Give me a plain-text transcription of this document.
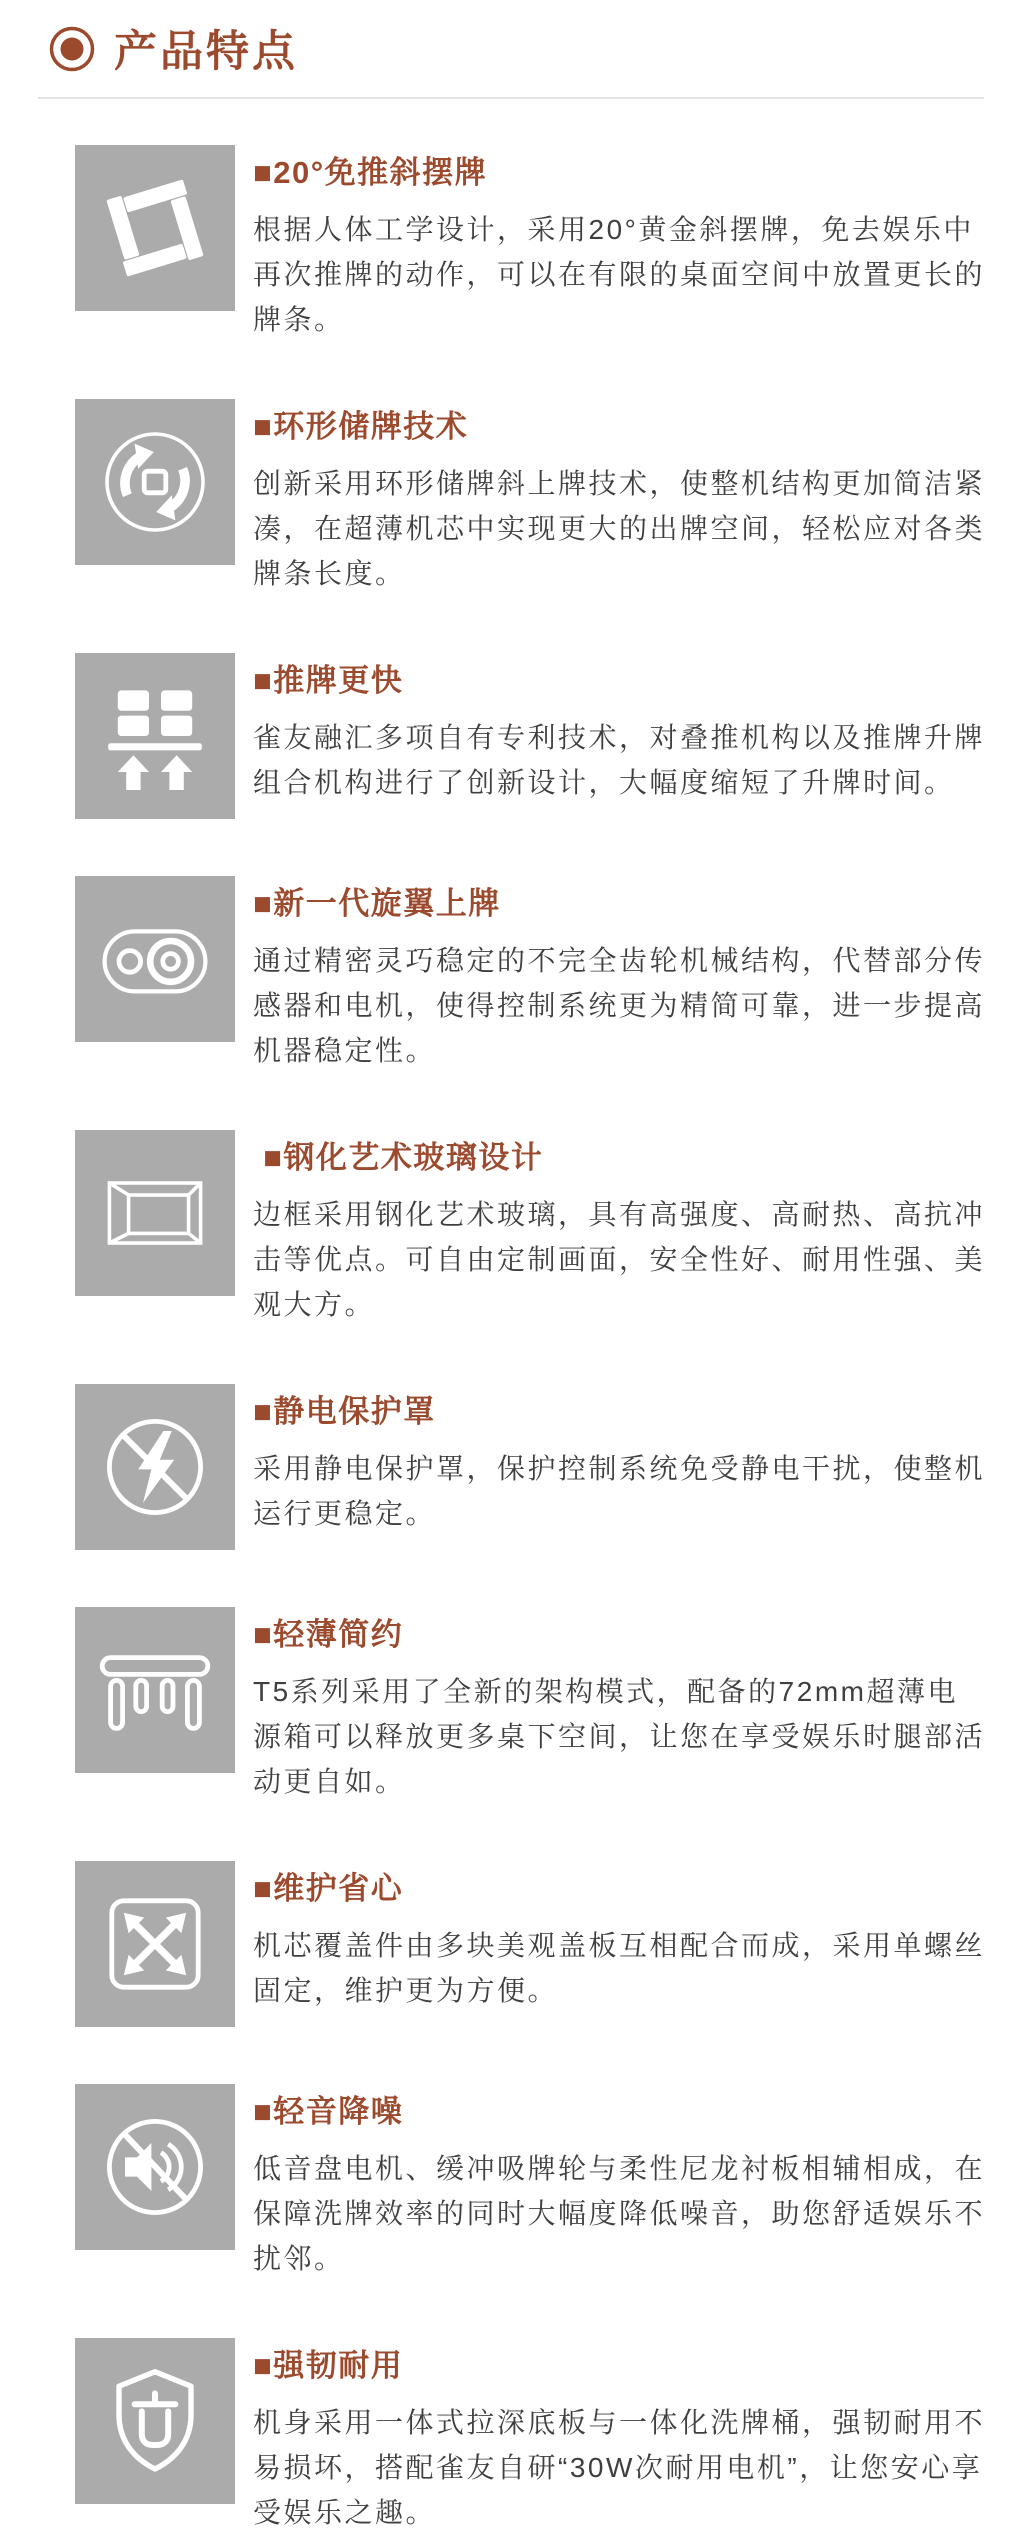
产品特点
■20°免推斜摆牌
根据人体工学设计，采用20°黄金斜摆牌，免去娱乐中再次推牌的动作，可以在有限的桌面空间中放置更长的牌条。
■环形储牌技术
创新采用环形储牌斜上牌技术，使整机结构更加简洁紧凑，在超薄机芯中实现更大的出牌空间，轻松应对各类牌条长度。
■推牌更快
雀友融汇多项自有专利技术，对叠推机构以及推牌升牌组合机构进行了创新设计，大幅度缩短了升牌时间。
■新一代旋翼上牌
通过精密灵巧稳定的不完全齿轮机械结构，代替部分传感器和电机，使得控制系统更为精简可靠，进一步提高机器稳定性。
■钢化艺术玻璃设计
边框采用钢化艺术玻璃，具有高强度、高耐热、高抗冲击等优点。可自由定制画面，安全性好、耐用性强、美观大方。
■静电保护罩
采用静电保护罩，保护控制系统免受静电干扰，使整机运行更稳定。
■轻薄简约
T5系列采用了全新的架构模式，配备的72mm超薄电源箱可以释放更多桌下空间，让您在享受娱乐时腿部活动更自如。
■维护省心
机芯覆盖件由多块美观盖板互相配合而成，采用单螺丝固定，维护更为方便。
■轻音降噪
低音盘电机、缓冲吸牌轮与柔性尼龙衬板相辅相成，在保障洗牌效率的同时大幅度降低噪音，助您舒适娱乐不扰邻。
■强韧耐用
机身采用一体式拉深底板与一体化洗牌桶，强韧耐用不易损坏，搭配雀友自研“30W次耐用电机”，让您安心享受娱乐之趣。
